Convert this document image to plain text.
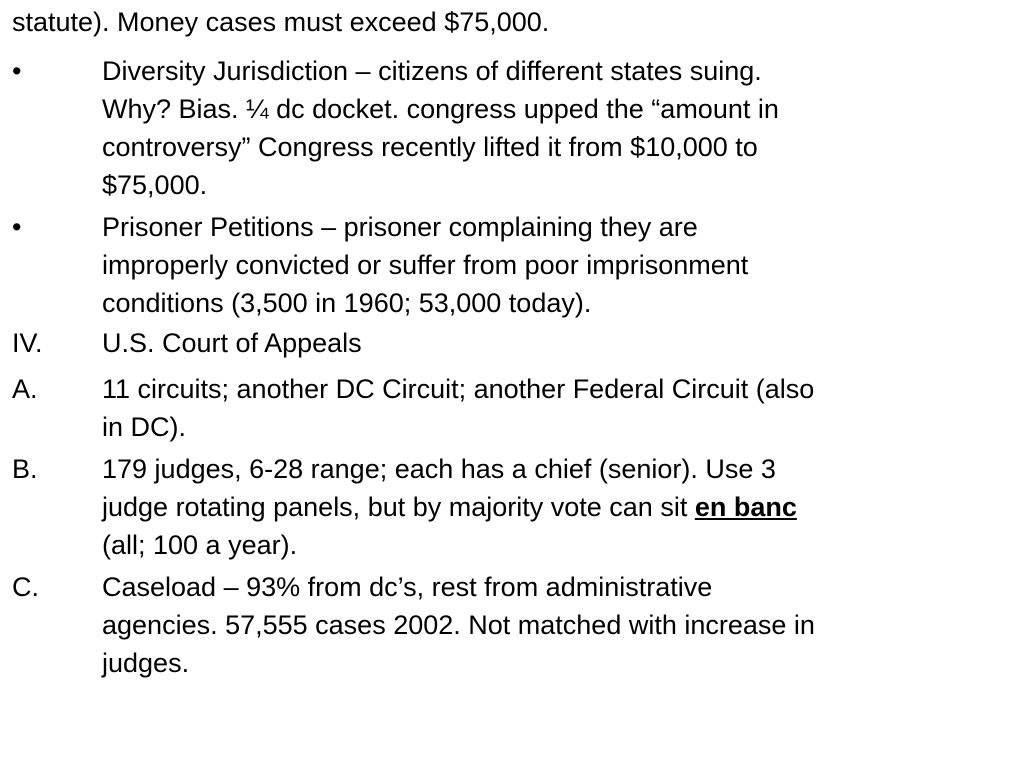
statute). Money cases must exceed $75,000.
•	Diversity Jurisdiction – citizens of different states suing.
Why? Bias. ¼ dc docket. congress upped the “amount in
controversy” Congress recently lifted it from $10,000 to
$75,000.
•	Prisoner Petitions – prisoner complaining they are
improperly convicted or suffer from poor imprisonment
conditions (3,500 in 1960; 53,000 today).
IV.	U.S. Court of Appeals
A.	11 circuits; another DC Circuit; another Federal Circuit (also
in DC).
B.	179 judges, 6-28 range; each has a chief (senior). Use 3
judge rotating panels, but by majority vote can sit en banc
(all; 100 a year).
C.	Caseload – 93% from dc’s, rest from administrative
agencies. 57,555 cases 2002. Not matched with increase in
judges.
